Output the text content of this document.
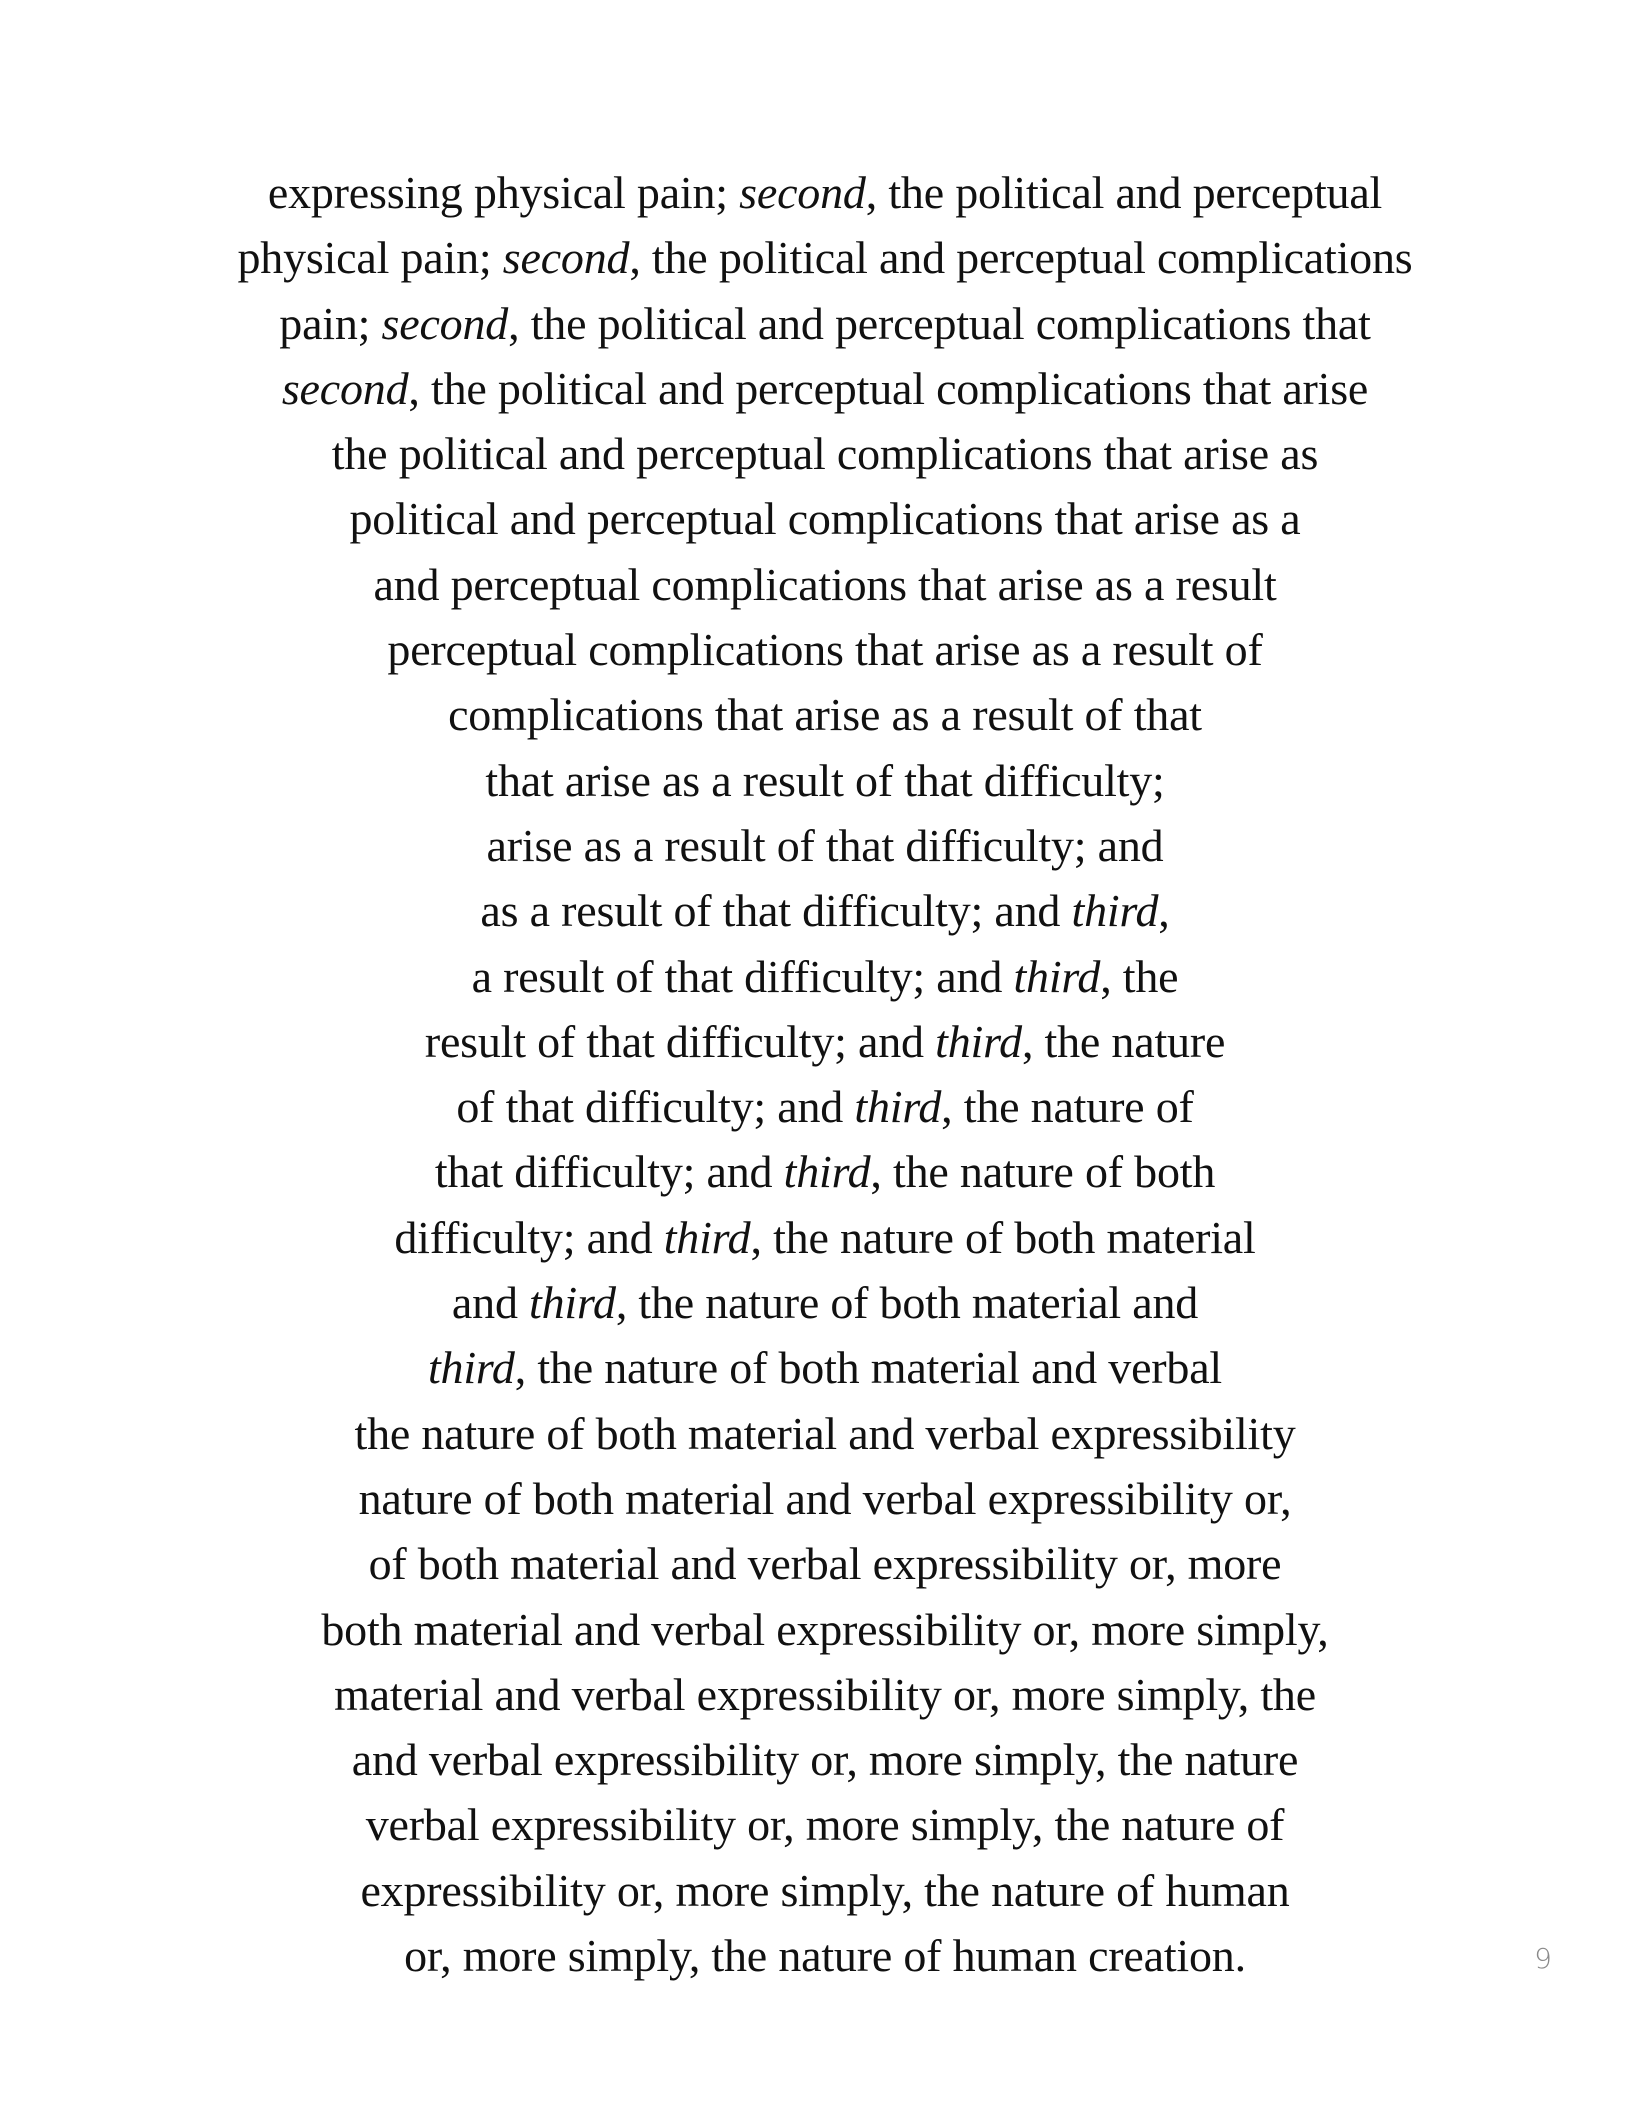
expressing physical pain; second, the political and perceptual
physical pain; second, the political and perceptual complications
pain; second, the political and perceptual complications that
second, the political and perceptual complications that arise
the political and perceptual complications that arise as
political and perceptual complications that arise as a
and perceptual complications that arise as a result
perceptual complications that arise as a result of
complications that arise as a result of that
that arise as a result of that difficulty;
arise as a result of that difficulty; and
as a result of that difficulty; and third,
a result of that difficulty; and third, the
result of that difficulty; and third, the nature
of that difficulty; and third, the nature of
that difficulty; and third, the nature of both
difficulty; and third, the nature of both material
and third, the nature of both material and
third, the nature of both material and verbal
the nature of both material and verbal expressibility
nature of both material and verbal expressibility or,
of both material and verbal expressibility or, more
both material and verbal expressibility or, more simply,
material and verbal expressibility or, more simply, the
and verbal expressibility or, more simply, the nature
verbal expressibility or, more simply, the nature of
expressibility or, more simply, the nature of human
or, more simply, the nature of human creation.	9
